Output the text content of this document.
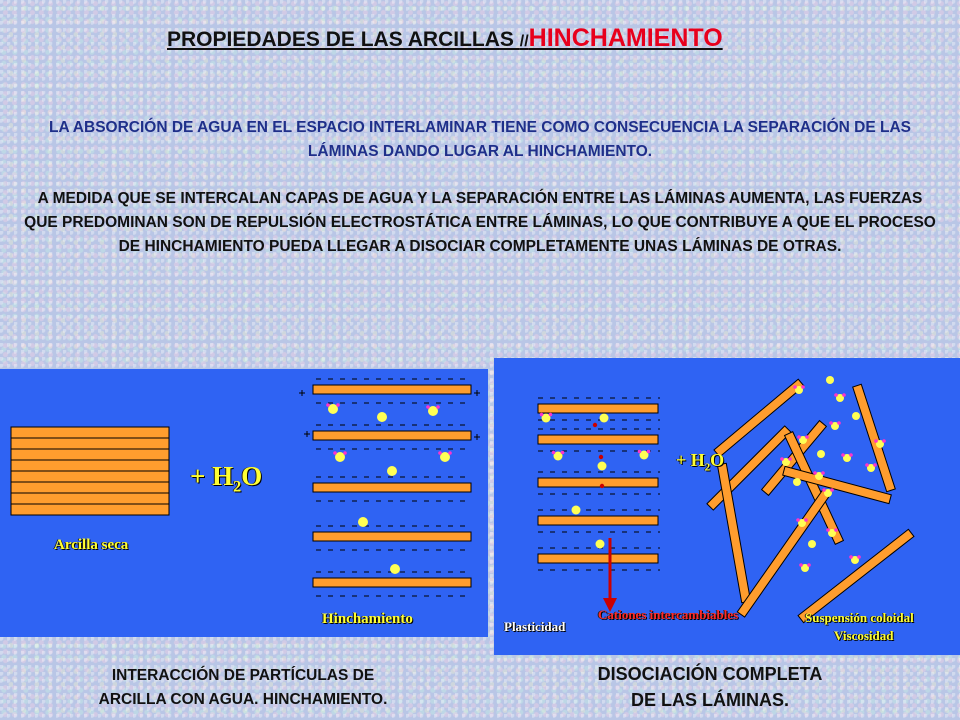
PROPIEDADES DE LAS ARCILLAS //HINCHAMIENTO

LA ABSORCIÓN DE AGUA EN EL ESPACIO INTERLAMINAR TIENE COMO CONSECUENCIA LA SEPARACIÓN DE LAS LÁMINAS DANDO LUGAR AL HINCHAMIENTO.

A MEDIDA QUE SE INTERCALAN CAPAS DE AGUA Y LA SEPARACIÓN ENTRE LAS LÁMINAS AUMENTA, LAS FUERZAS QUE PREDOMINAN SON DE REPULSIÓN ELECTROSTÁTICA ENTRE LÁMINAS, LO QUE CONTRIBUYE A QUE EL PROCESO DE HINCHAMIENTO PUEDA LLEGAR A DISOCIAR COMPLETAMENTE UNAS LÁMINAS DE OTRAS.

+ $H_2O$
Arcilla seca
Hinchamiento
+ $H_2O$
Plasticidad
Cationes intercambiables	Suspensión coloidal
Viscosidad

INTERACCIÓN DE PARTÍCULAS DE
ARCILLA CON AGUA. HINCHAMIENTO.

DISOCIACIÓN COMPLETA
DE LAS LÁMINAS.
